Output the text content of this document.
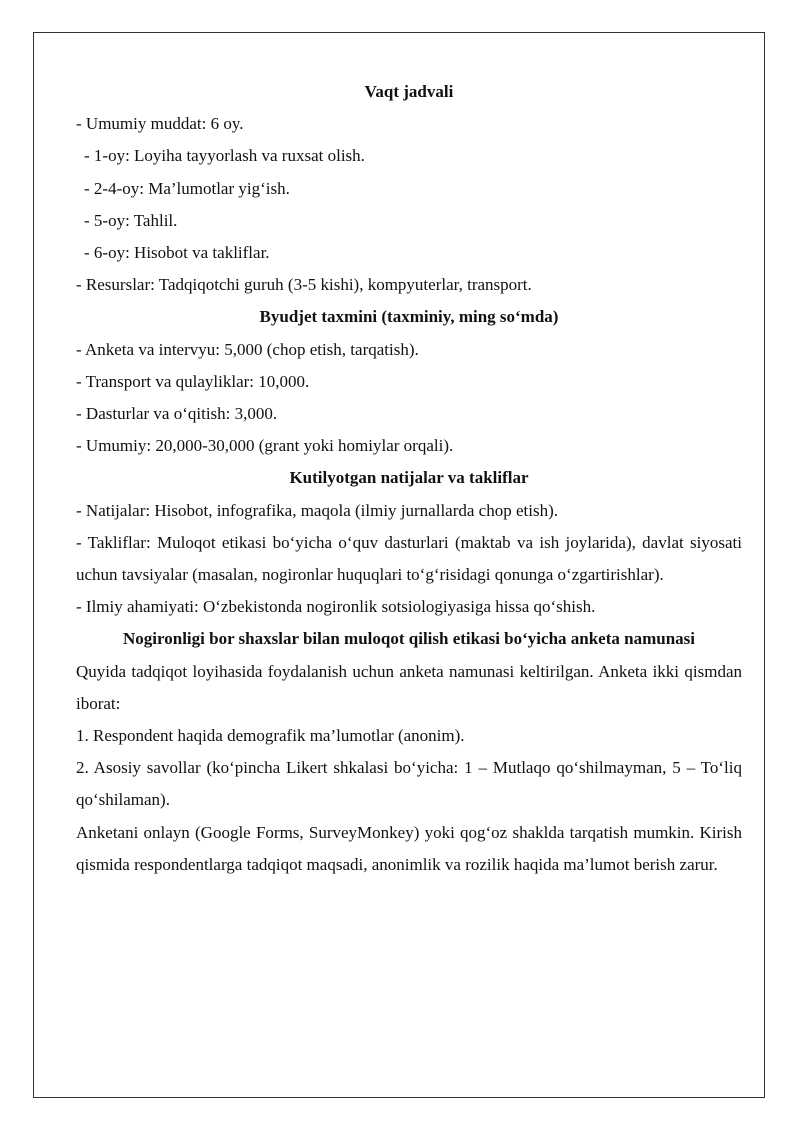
Vaqt jadvali

- Umumiy muddat: 6 oy.

- 1-oy: Loyiha tayyorlash va ruxsat olish.

- 2-4-oy: Ma’lumotlar yig‘ish.

- 5-oy: Tahlil.

- 6-oy: Hisobot va takliflar.

- Resurslar: Tadqiqotchi guruh (3-5 kishi), kompyuterlar, transport.

Byudjet taxmini (taxminiy, ming so‘mda)

- Anketa va intervyu: 5,000 (chop etish, tarqatish).

- Transport va qulayliklar: 10,000.

- Dasturlar va o‘qitish: 3,000.

- Umumiy: 20,000-30,000 (grant yoki homiylar orqali).

Kutilyotgan natijalar va takliflar

- Natijalar: Hisobot, infografika, maqola (ilmiy jurnallarda chop etish).

- Takliflar: Muloqot etikasi bo‘yicha o‘quv dasturlari (maktab va ish joylarida), davlat siyosati uchun tavsiyalar (masalan, nogironlar huquqlari to‘g‘risidagi qonunga o‘zgartirishlar).

- Ilmiy ahamiyati: O‘zbekistonda nogironlik sotsiologiyasiga hissa qo‘shish.

Nogironligi bor shaxslar bilan muloqot qilish etikasi bo‘yicha anketa namunasi

Quyida tadqiqot loyihasida foydalanish uchun anketa namunasi keltirilgan. Anketa ikki qismdan iborat:

1. Respondent haqida demografik ma’lumotlar (anonim).

2. Asosiy savollar (ko‘pincha Likert shkalasi bo‘yicha: 1 – Mutlaqo qo‘shilmayman, 5 – To‘liq qo‘shilaman).

Anketani onlayn (Google Forms, SurveyMonkey) yoki qog‘oz shaklda tarqatish mumkin. Kirish qismida respondentlarga tadqiqot maqsadi, anonimlik va rozilik haqida ma’lumot berish zarur.
